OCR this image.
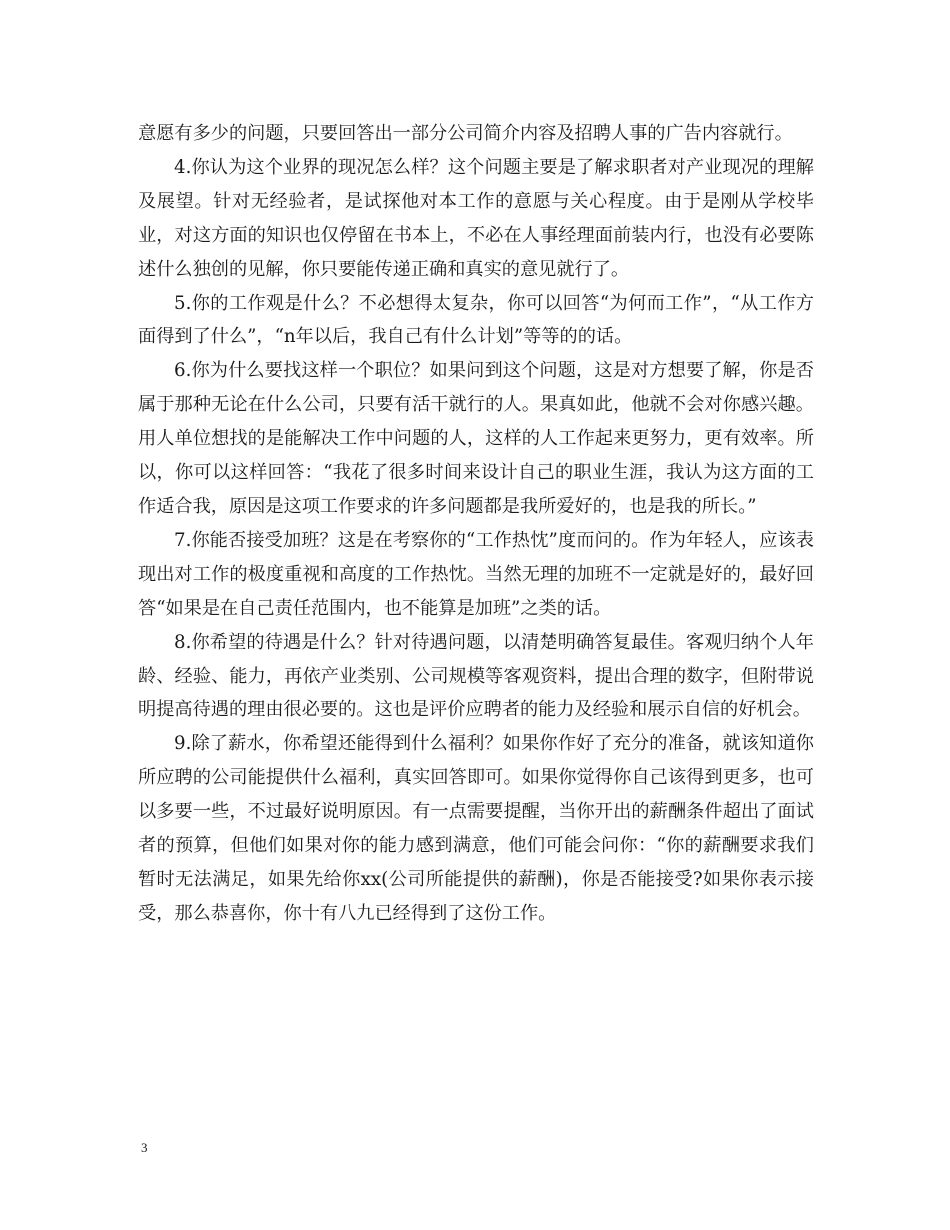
意愿有多少的问题，只要回答出一部分公司简介内容及招聘人事的广告内容就行。

4.你认为这个业界的现况怎么样？这个问题主要是了解求职者对产业现况的理解及展望。针对无经验者，是试探他对本工作的意愿与关心程度。由于是刚从学校毕业，对这方面的知识也仅停留在书本上，不必在人事经理面前装内行，也没有必要陈述什么独创的见解，你只要能传递正确和真实的意见就行了。

5.你的工作观是什么？不必想得太复杂，你可以回答“为何而工作”，“从工作方面得到了什么”，“n年以后，我自己有什么计划”等等的的话。

6.你为什么要找这样一个职位？如果问到这个问题，这是对方想要了解，你是否属于那种无论在什么公司，只要有活干就行的人。果真如此，他就不会对你感兴趣。用人单位想找的是能解决工作中问题的人，这样的人工作起来更努力，更有效率。所以，你可以这样回答：“我花了很多时间来设计自己的职业生涯，我认为这方面的工作适合我，原因是这项工作要求的许多问题都是我所爱好的，也是我的所长。”

7.你能否接受加班？这是在考察你的“工作热忱”度而问的。作为年轻人，应该表现出对工作的极度重视和高度的工作热忱。当然无理的加班不一定就是好的，最好回答“如果是在自己责任范围内，也不能算是加班”之类的话。

8.你希望的待遇是什么？针对待遇问题，以清楚明确答复最佳。客观归纳个人年龄、经验、能力，再依产业类别、公司规模等客观资料，提出合理的数字，但附带说明提高待遇的理由很必要的。这也是评价应聘者的能力及经验和展示自信的好机会。

9.除了薪水，你希望还能得到什么福利？如果你作好了充分的准备，就该知道你所应聘的公司能提供什么福利，真实回答即可。如果你觉得你自己该得到更多，也可以多要一些，不过最好说明原因。有一点需要提醒，当你开出的薪酬条件超出了面试者的预算，但他们如果对你的能力感到满意，他们可能会问你：“你的薪酬要求我们暂时无法满足，如果先给你xx(公司所能提供的薪酬)，你是否能接受?如果你表示接受，那么恭喜你，你十有八九已经得到了这份工作。

3
